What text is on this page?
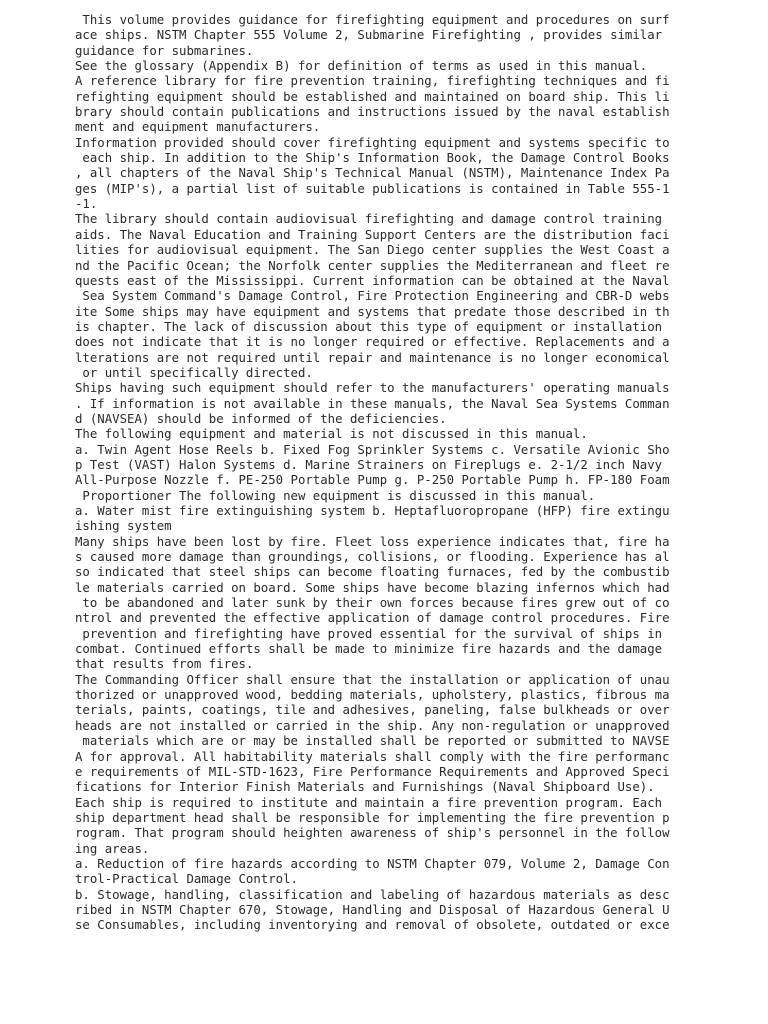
This volume provides guidance for firefighting equipment and procedures on surf
ace ships. NSTM Chapter 555 Volume 2, Submarine Firefighting , provides similar
guidance for submarines.
See the glossary (Appendix B) for definition of terms as used in this manual.
A reference library for fire prevention training, firefighting techniques and fi
refighting equipment should be established and maintained on board ship. This li
brary should contain publications and instructions issued by the naval establish
ment and equipment manufacturers.
Information provided should cover firefighting equipment and systems specific to
each ship. In addition to the Ship's Information Book, the Damage Control Books
, all chapters of the Naval Ship's Technical Manual (NSTM), Maintenance Index Pa
ges (MIP's), a partial list of suitable publications is contained in Table 555-1
-1.
The library should contain audiovisual firefighting and damage control training
aids. The Naval Education and Training Support Centers are the distribution faci
lities for audiovisual equipment. The San Diego center supplies the West Coast a
nd the Pacific Ocean; the Norfolk center supplies the Mediterranean and fleet re
quests east of the Mississippi. Current information can be obtained at the Naval
Sea System Command's Damage Control, Fire Protection Engineering and CBR-D webs
ite Some ships may have equipment and systems that predate those described in th
is chapter. The lack of discussion about this type of equipment or installation
does not indicate that it is no longer required or effective. Replacements and a
lterations are not required until repair and maintenance is no longer economical
or until specifically directed.
Ships having such equipment should refer to the manufacturers' operating manuals
. If information is not available in these manuals, the Naval Sea Systems Comman
d (NAVSEA) should be informed of the deficiencies.
The following equipment and material is not discussed in this manual.
a. Twin Agent Hose Reels b. Fixed Fog Sprinkler Systems c. Versatile Avionic Sho
p Test (VAST) Halon Systems d. Marine Strainers on Fireplugs e. 2-1/2 inch Navy
All-Purpose Nozzle f. PE-250 Portable Pump g. P-250 Portable Pump h. FP-180 Foam
Proportioner The following new equipment is discussed in this manual.
a. Water mist fire extinguishing system b. Heptafluoropropane (HFP) fire extingu
ishing system
Many ships have been lost by fire. Fleet loss experience indicates that, fire ha
s caused more damage than groundings, collisions, or flooding. Experience has al
so indicated that steel ships can become floating furnaces, fed by the combustib
le materials carried on board. Some ships have become blazing infernos which had
to be abandoned and later sunk by their own forces because fires grew out of co
ntrol and prevented the effective application of damage control procedures. Fire
prevention and firefighting have proved essential for the survival of ships in
combat. Continued efforts shall be made to minimize fire hazards and the damage
that results from fires.
The Commanding Officer shall ensure that the installation or application of unau
thorized or unapproved wood, bedding materials, upholstery, plastics, fibrous ma
terials, paints, coatings, tile and adhesives, paneling, false bulkheads or over
heads are not installed or carried in the ship. Any non-regulation or unapproved
materials which are or may be installed shall be reported or submitted to NAVSE
A for approval. All habitability materials shall comply with the fire performanc
e requirements of MIL-STD-1623, Fire Performance Requirements and Approved Speci
fications for Interior Finish Materials and Furnishings (Naval Shipboard Use).
Each ship is required to institute and maintain a fire prevention program. Each
ship department head shall be responsible for implementing the fire prevention p
rogram. That program should heighten awareness of ship's personnel in the follow
ing areas.
a. Reduction of fire hazards according to NSTM Chapter 079, Volume 2, Damage Con
trol-Practical Damage Control.
b. Stowage, handling, classification and labeling of hazardous materials as desc
ribed in NSTM Chapter 670, Stowage, Handling and Disposal of Hazardous General U
se Consumables, including inventorying and removal of obsolete, outdated or exce
